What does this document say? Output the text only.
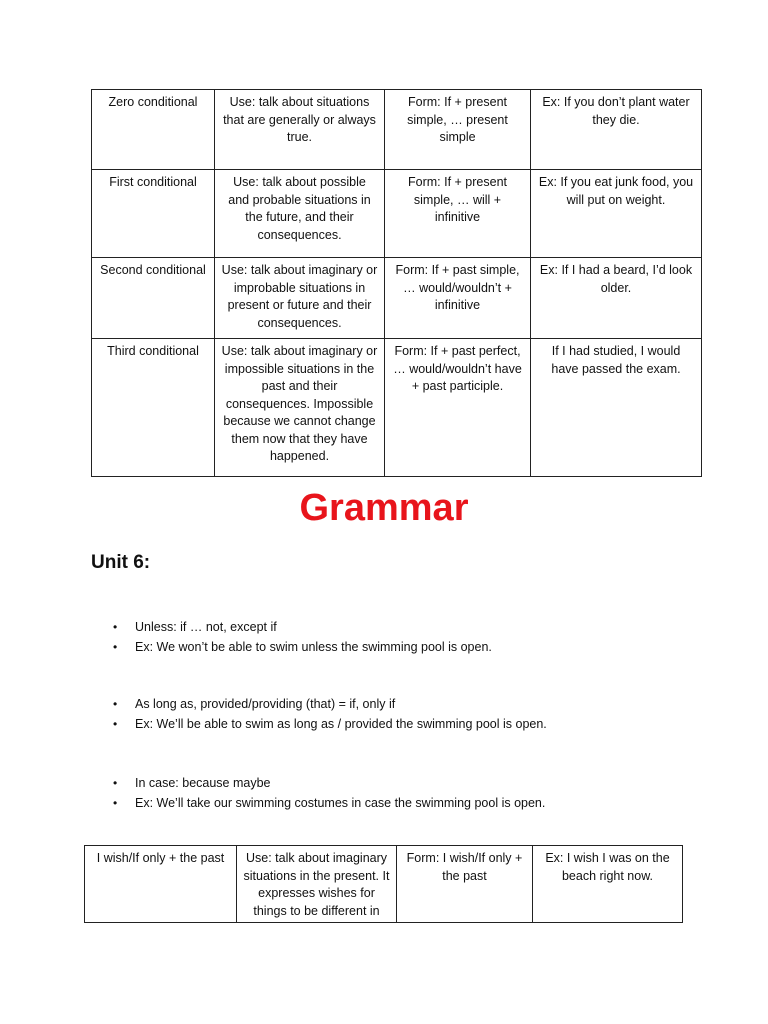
Zero conditional	Use: talk about situations that are generally or always true.	Form: If + present simple, … present simple	Ex: If you don’t plant water they die.
First conditional	Use: talk about possible and probable situations in the future, and their consequences.	Form: If + present simple, … will + infinitive	Ex: If you eat junk food, you will put on weight.
Second conditional	Use: talk about imaginary or improbable situations in present or future and their consequences.	Form: If + past simple, … would/wouldn’t + infinitive	Ex: If I had a beard, I’d look older.
Third conditional	Use: talk about imaginary or impossible situations in the past and their consequences. Impossible because we cannot change them now that they have happened.	Form: If + past perfect, … would/wouldn’t have + past participle.	If I had studied, I would have passed the exam.
Grammar
Unit 6:
• Unless: if … not, except if
• Ex: We won’t be able to swim unless the swimming pool is open.
• As long as, provided/providing (that) = if, only if
• Ex: We’ll be able to swim as long as / provided the swimming pool is open.
• In case: because maybe
• Ex: We’ll take our swimming costumes in case the swimming pool is open.
I wish/If only + the past	Use: talk about imaginary situations in the present. It expresses wishes for things to be different in	Form: I wish/If only + the past	Ex: I wish I was on the beach right now.
